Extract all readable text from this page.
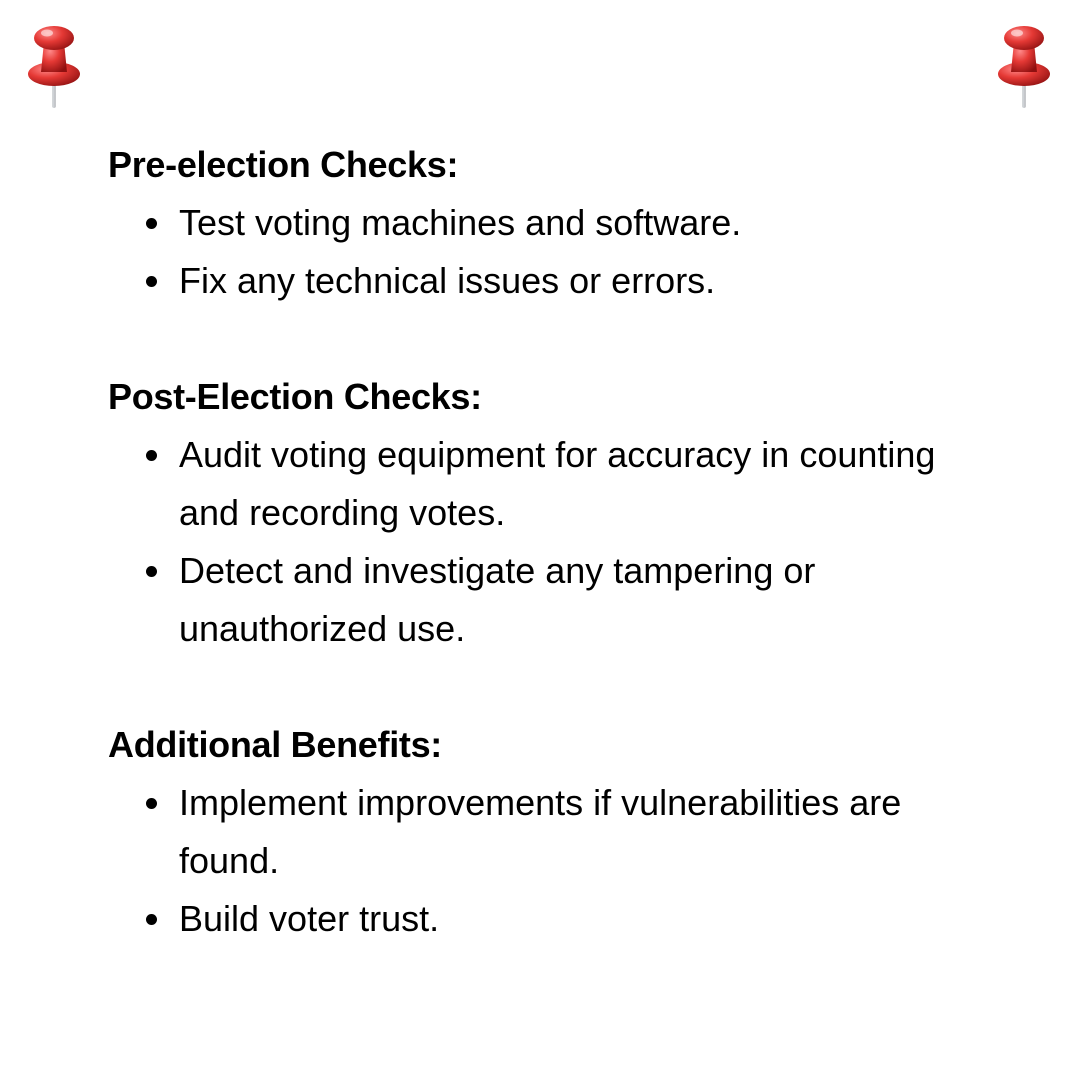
Pre-election Checks:
Test voting machines and software.
Fix any technical issues or errors.
Post-Election Checks:
Audit voting equipment for accuracy in counting and recording votes.
Detect and investigate any tampering or unauthorized use.
Additional Benefits:
Implement improvements if vulnerabilities are found.
Build voter trust.
